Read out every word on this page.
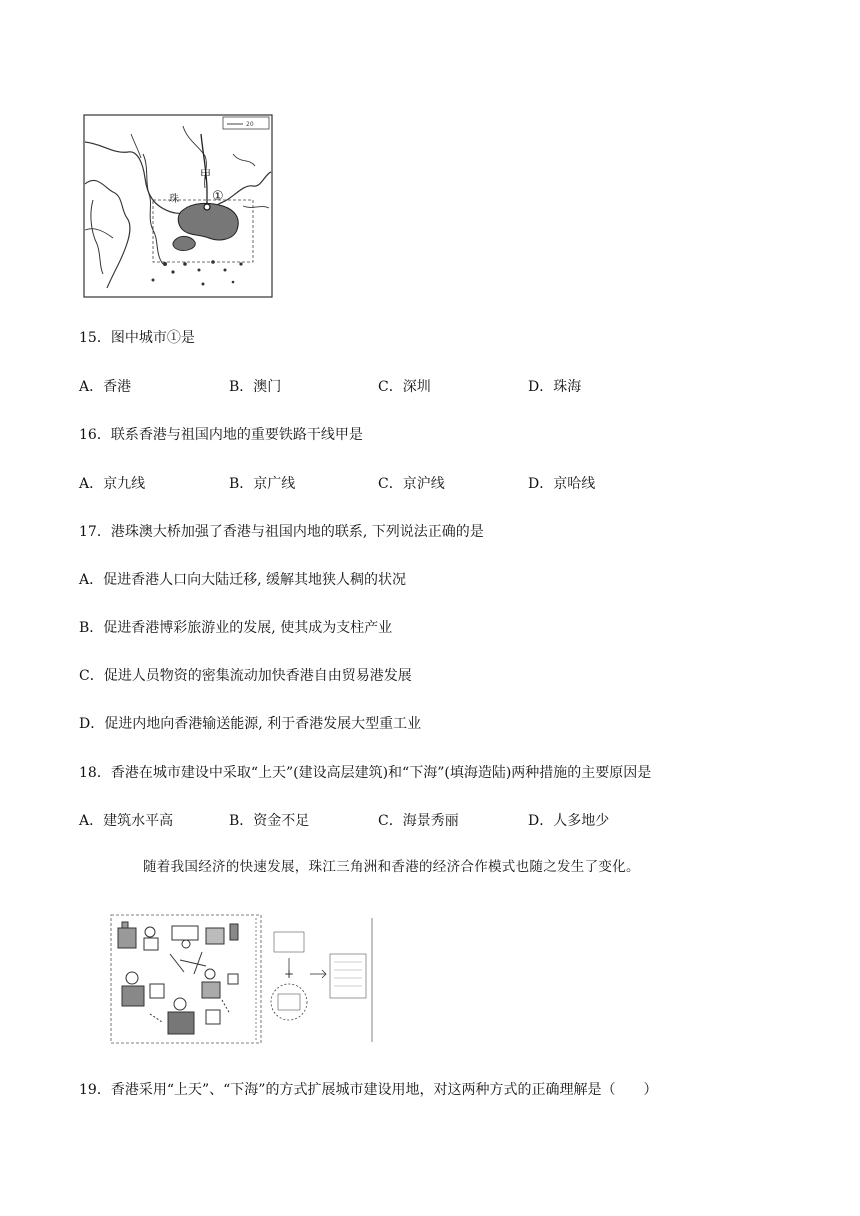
20
甲
①
珠
15．图中城市①是
A．香港	B．澳门	C．深圳	D．珠海
16．联系香港与祖国内地的重要铁路干线甲是
A．京九线	B．京广线	C．京沪线	D．京哈线
17．港珠澳大桥加强了香港与祖国内地的联系, 下列说法正确的是
A．促进香港人口向大陆迁移, 缓解其地狭人稠的状况
B．促进香港博彩旅游业的发展, 使其成为支柱产业
C．促进人员物资的密集流动加快香港自由贸易港发展
D．促进内地向香港输送能源, 利于香港发展大型重工业
18．香港在城市建设中采取“上天”(建设高层建筑)和“下海”(填海造陆)两种措施的主要原因是
A．建筑水平高	B．资金不足	C．海景秀丽	D．人多地少
随着我国经济的快速发展，珠江三角洲和香港的经济合作模式也随之发生了变化。
+
19．香港采用“上天”、“下海”的方式扩展城市建设用地，对这两种方式的正确理解是（　　）
